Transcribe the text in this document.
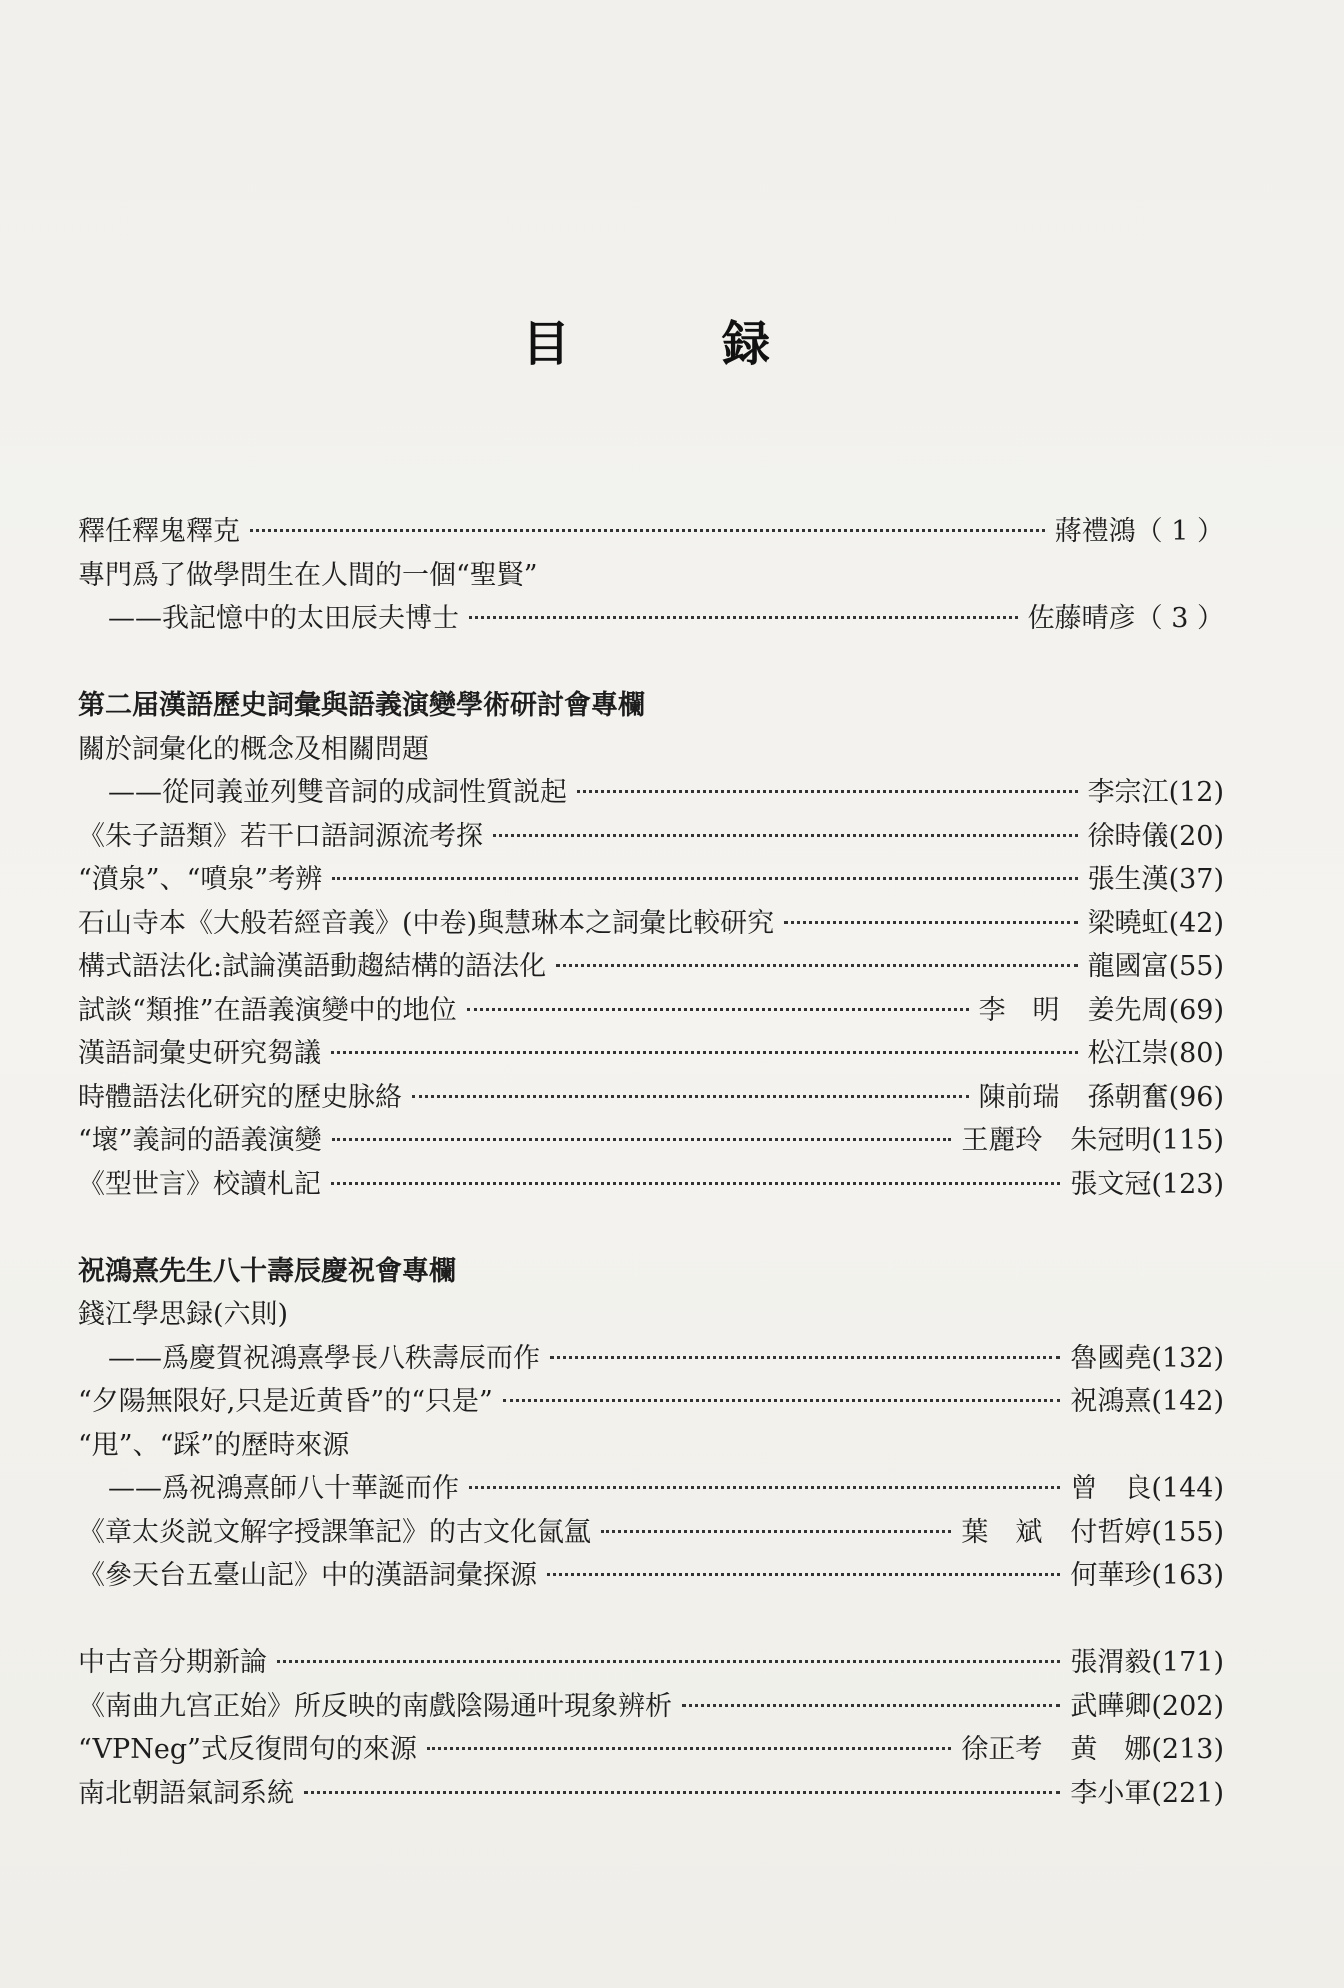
目　録
釋任釋鬼釋克	蔣禮鴻（ 1 ）
專門爲了做學問生在人間的一個“聖賢”
——我記憶中的太田辰夫博士	佐藤晴彦（ 3 ）
第二届漢語歷史詞彙與語義演變學術研討會專欄
關於詞彙化的概念及相關問題
——從同義並列雙音詞的成詞性質説起	李宗江(12)
《朱子語類》若干口語詞源流考探	徐時儀(20)
“濆泉”、“噴泉”考辨	張生漢(37)
石山寺本《大般若經音義》(中卷)與慧琳本之詞彙比較研究	梁曉虹(42)
構式語法化:試論漢語動趨結構的語法化	龍國富(55)
試談“類推”在語義演變中的地位	李　明 姜先周(69)
漢語詞彙史研究芻議	松江崇(80)
時體語法化研究的歷史脉絡	陳前瑞 孫朝奮(96)
“壞”義詞的語義演變	王麗玲 朱冠明(115)
《型世言》校讀札記	張文冠(123)
祝鴻熹先生八十壽辰慶祝會專欄
錢江學思録(六則)
——爲慶賀祝鴻熹學長八秩壽辰而作	魯國堯(132)
“夕陽無限好,只是近黄昏”的“只是”	祝鴻熹(142)
“甩”、“踩”的歷時來源
——爲祝鴻熹師八十華誕而作	曾　良(144)
《章太炎説文解字授課筆記》的古文化氤氲	葉　斌 付哲婷(155)
《參天台五臺山記》中的漢語詞彙探源	何華珍(163)
中古音分期新論	張渭毅(171)
《南曲九宫正始》所反映的南戲陰陽通叶現象辨析	武曄卿(202)
“VPNeg”式反復問句的來源	徐正考 黄　娜(213)
南北朝語氣詞系統	李小軍(221)
